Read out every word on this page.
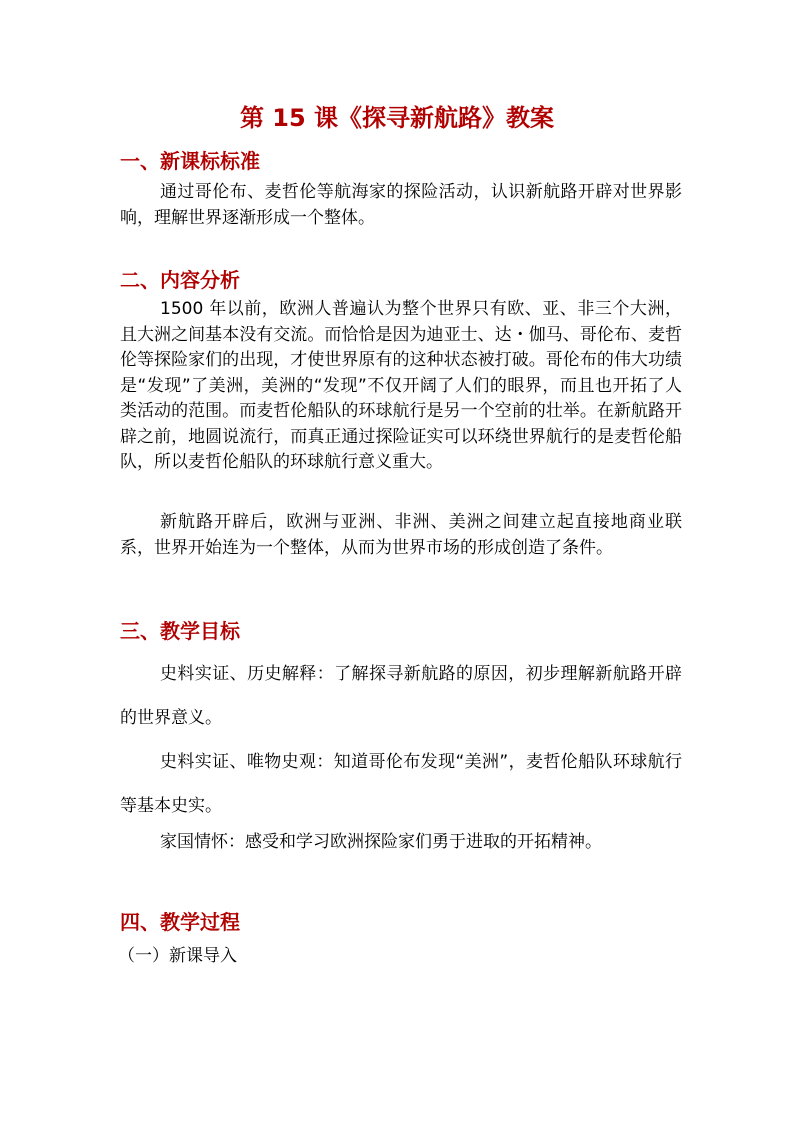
第 15 课《探寻新航路》教案
一、新课标标准
通过哥伦布、麦哲伦等航海家的探险活动，认识新航路开辟对世界影响，理解世界逐渐形成一个整体。
二、内容分析
1500 年以前，欧洲人普遍认为整个世界只有欧、亚、非三个大洲，且大洲之间基本没有交流。而恰恰是因为迪亚士、达・伽马、哥伦布、麦哲伦等探险家们的出现，才使世界原有的这种状态被打破。哥伦布的伟大功绩是“发现”了美洲，美洲的“发现”不仅开阔了人们的眼界，而且也开拓了人类活动的范围。而麦哲伦船队的环球航行是另一个空前的壮举。在新航路开辟之前，地圆说流行，而真正通过探险证实可以环绕世界航行的是麦哲伦船队，所以麦哲伦船队的环球航行意义重大。
新航路开辟后，欧洲与亚洲、非洲、美洲之间建立起直接地商业联系，世界开始连为一个整体，从而为世界市场的形成创造了条件。
三、教学目标
史料实证、历史解释：了解探寻新航路的原因，初步理解新航路开辟的世界意义。
史料实证、唯物史观：知道哥伦布发现“美洲”，麦哲伦船队环球航行等基本史实。
家国情怀：感受和学习欧洲探险家们勇于进取的开拓精神。
四、教学过程
（一）新课导入
